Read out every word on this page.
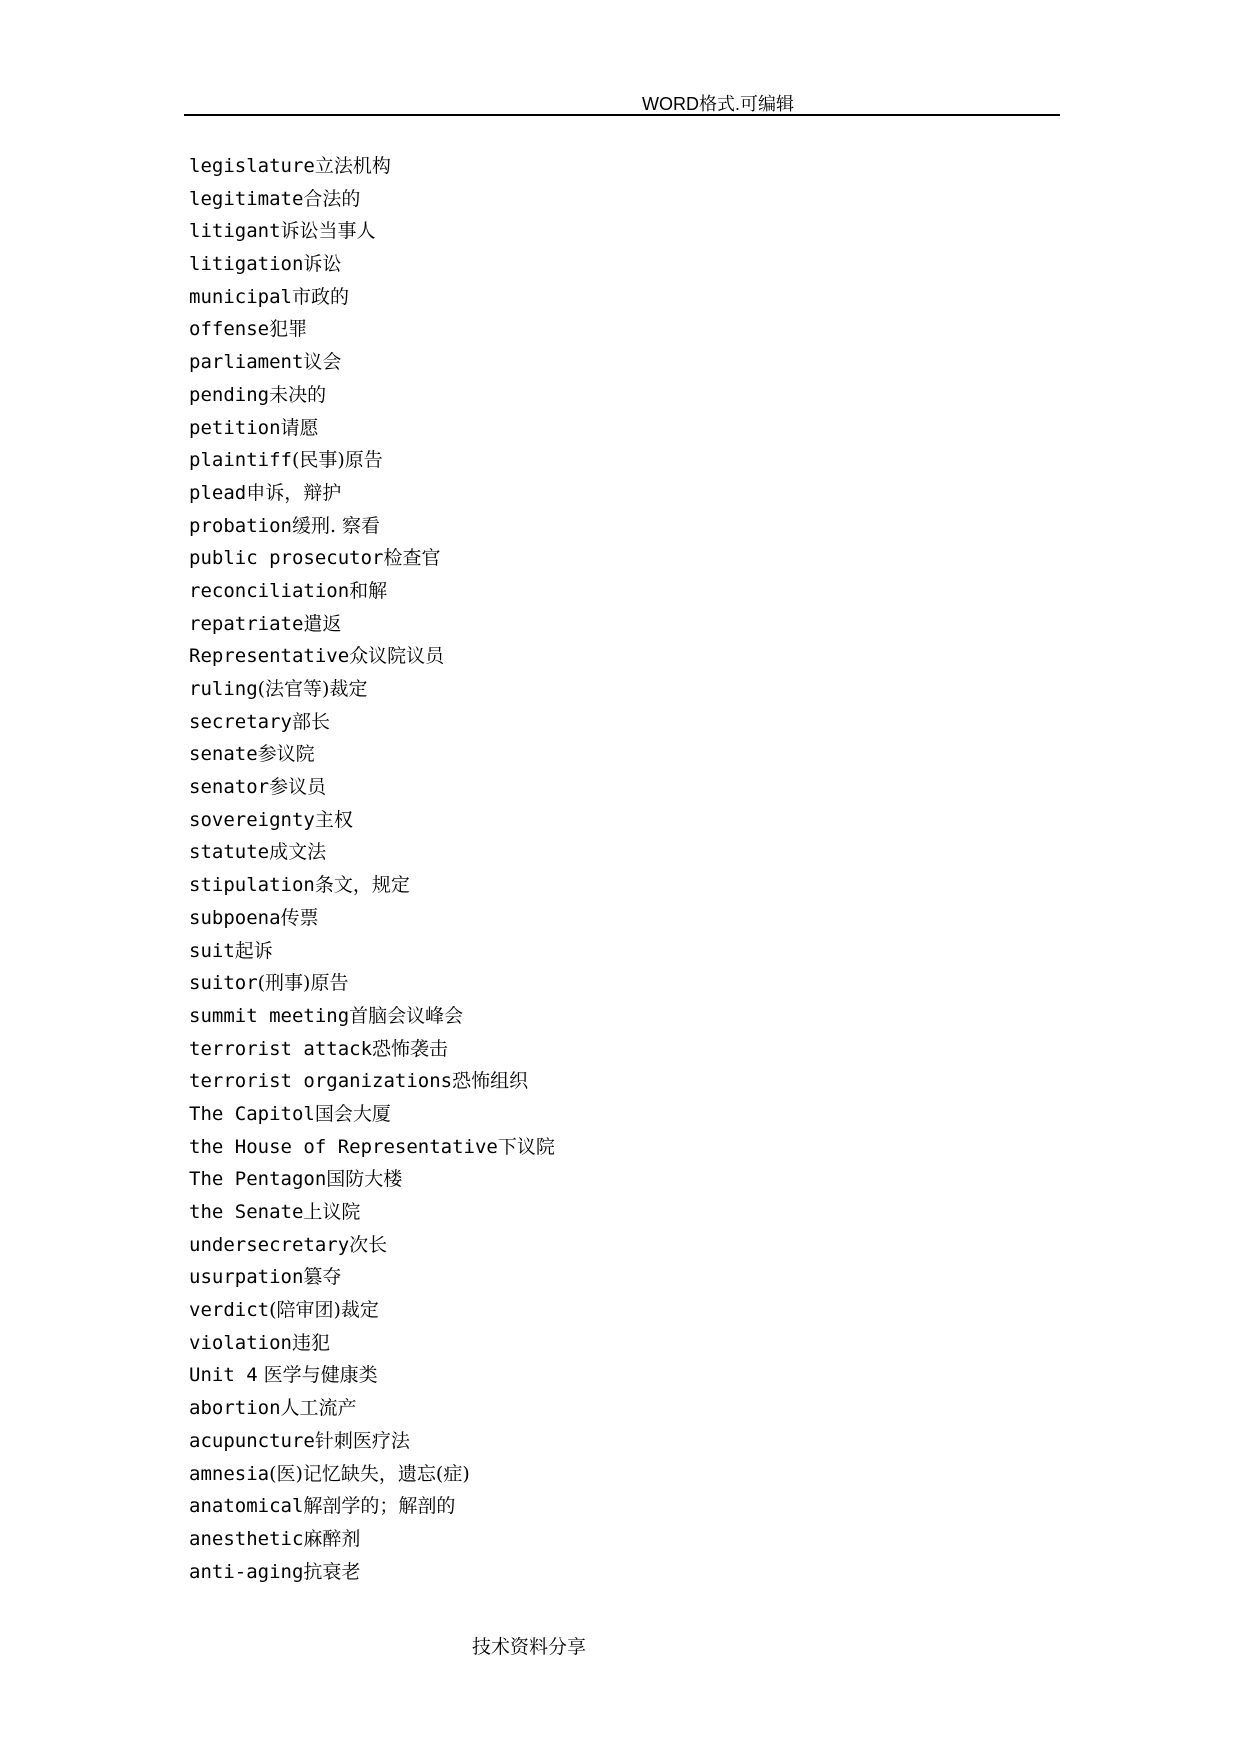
WORD格式.可编辑
legislature立法机构
legitimate合法的
litigant诉讼当事人
litigation诉讼
municipal市政的
offense犯罪
parliament议会
pending未决的
petition请愿
plaintiff(民事)原告
plead申诉，辩护
probation缓刑. 察看
public prosecutor检查官
reconciliation和解
repatriate遣返
Representative众议院议员
ruling(法官等)裁定
secretary部长
senate参议院
senator参议员
sovereignty主权
statute成文法
stipulation条文，规定
subpoena传票
suit起诉
suitor(刑事)原告
summit meeting首脑会议峰会
terrorist attack恐怖袭击
terrorist organizations恐怖组织
The Capitol国会大厦
the House of Representative下议院
The Pentagon国防大楼
the Senate上议院
undersecretary次长
usurpation篡夺
verdict(陪审团)裁定
violation违犯
Unit 4 医学与健康类
abortion人工流产
acupuncture针刺医疗法
amnesia(医)记忆缺失，遗忘(症)
anatomical解剖学的；解剖的
anesthetic麻醉剂
anti-aging抗衰老
技术资料分享
